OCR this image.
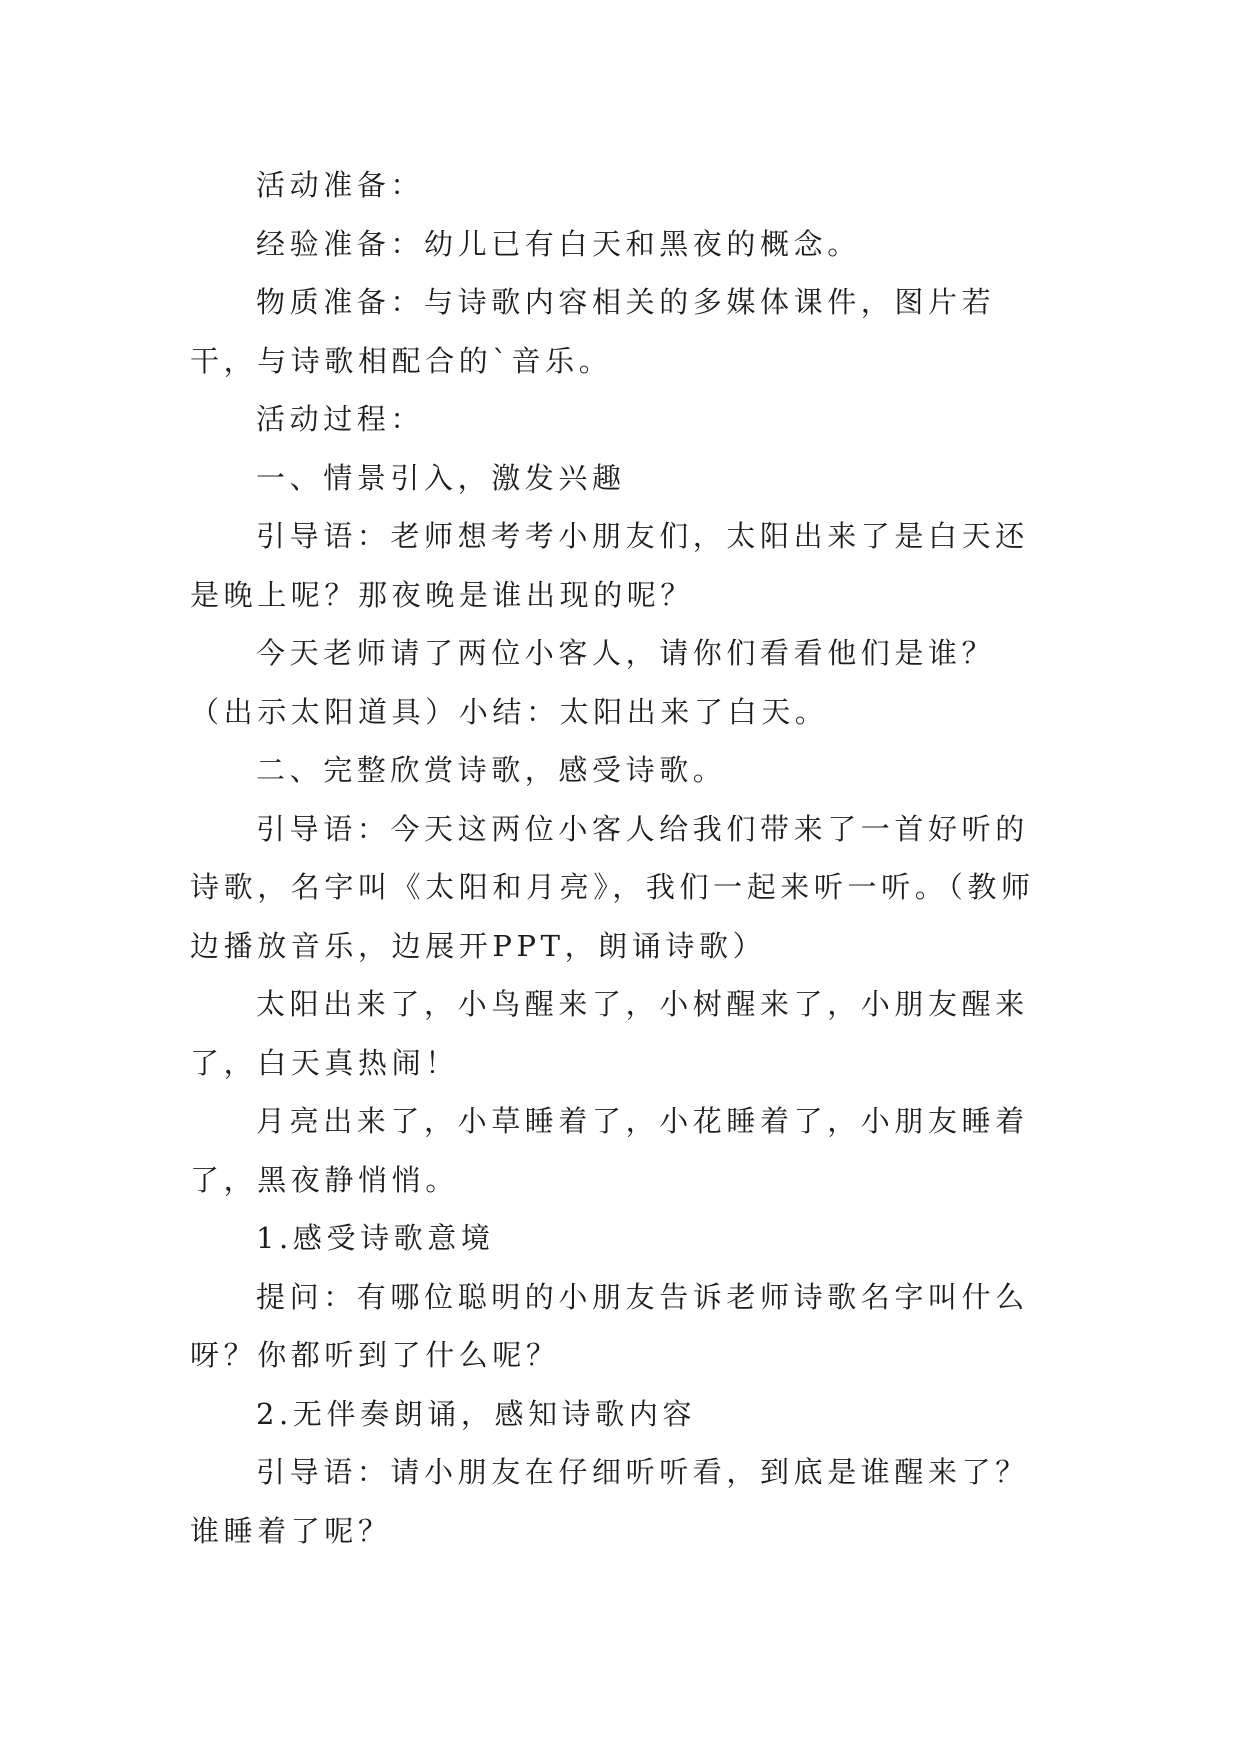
活动准备：

经验准备：幼儿已有白天和黑夜的概念。

物质准备：与诗歌内容相关的多媒体课件，图片若干，与诗歌相配合的`音乐。

活动过程：

一、情景引入，激发兴趣

引导语：老师想考考小朋友们，太阳出来了是白天还是晚上呢？那夜晚是谁出现的呢？

今天老师请了两位小客人，请你们看看他们是谁？（出示太阳道具）小结：太阳出来了白天。

二、完整欣赏诗歌，感受诗歌。

引导语：今天这两位小客人给我们带来了一首好听的诗歌，名字叫《太阳和月亮》，我们一起来听一听。（教师边播放音乐，边展开PPT，朗诵诗歌）

太阳出来了，小鸟醒来了，小树醒来了，小朋友醒来了，白天真热闹！

月亮出来了，小草睡着了，小花睡着了，小朋友睡着了，黑夜静悄悄。

1.感受诗歌意境

提问：有哪位聪明的小朋友告诉老师诗歌名字叫什么呀？你都听到了什么呢？

2.无伴奏朗诵，感知诗歌内容

引导语：请小朋友在仔细听听看，到底是谁醒来了？谁睡着了呢？
